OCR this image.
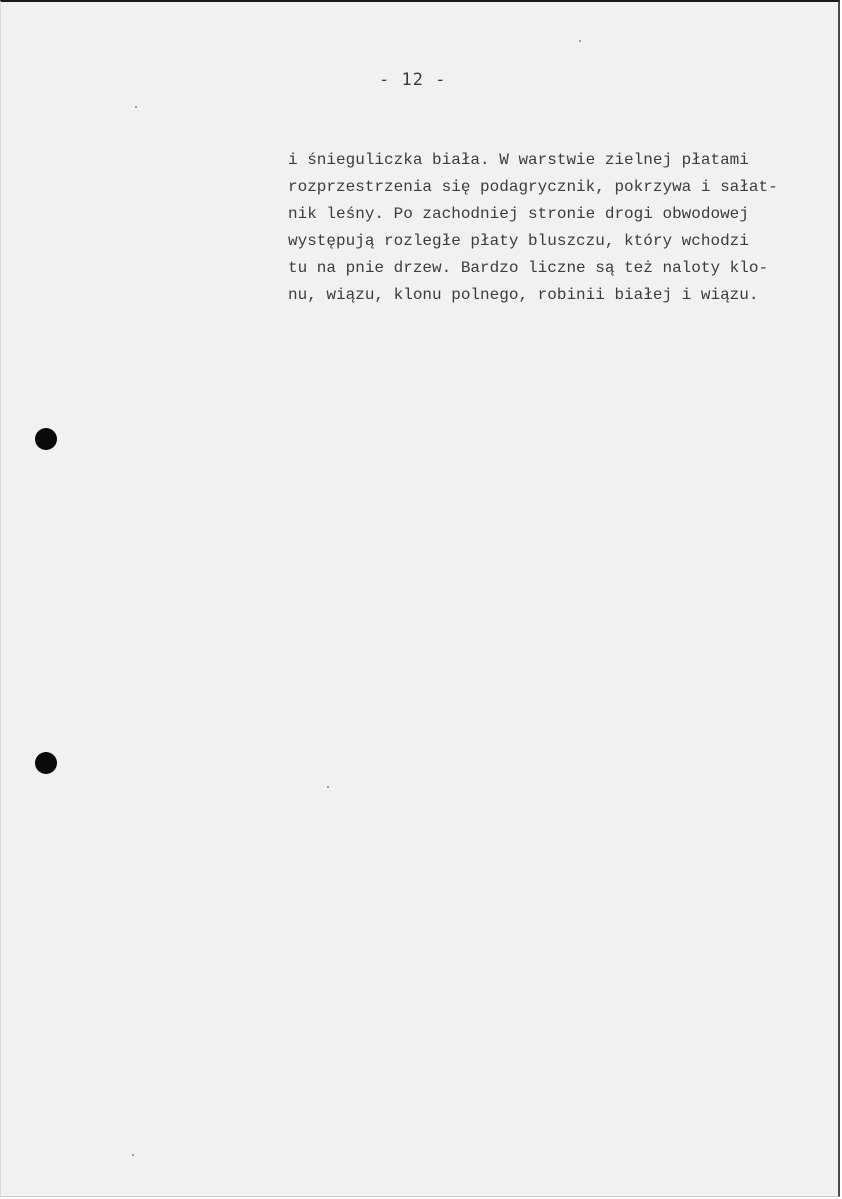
- 12 -

i śnieguliczka biała. W warstwie zielnej płatami
rozprzestrzenia się podagrycznik, pokrzywa i sałat-
nik leśny. Po zachodniej stronie drogi obwodowej
występują rozległe płaty bluszczu, który wchodzi
tu na pnie drzew. Bardzo liczne są też naloty klo-
nu, wiązu, klonu polnego, robinii białej i wiązu.
